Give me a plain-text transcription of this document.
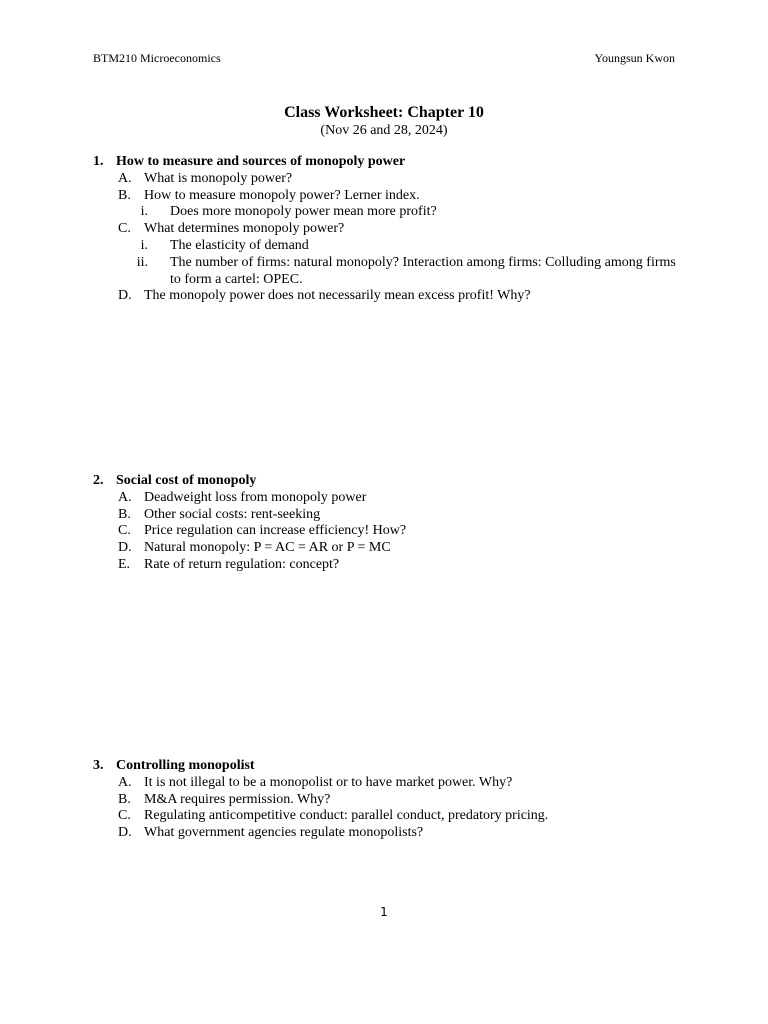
BTM210 Microeconomics	Youngsun Kwon
Class Worksheet: Chapter 10
(Nov 26 and 28, 2024)
1. How to measure and sources of monopoly power
A. What is monopoly power?
B. How to measure monopoly power? Lerner index.
i. Does more monopoly power mean more profit?
C. What determines monopoly power?
i. The elasticity of demand
ii. The number of firms: natural monopoly? Interaction among firms: Colluding among firms to form a cartel: OPEC.
D. The monopoly power does not necessarily mean excess profit! Why?
2. Social cost of monopoly
A. Deadweight loss from monopoly power
B. Other social costs: rent-seeking
C. Price regulation can increase efficiency! How?
D. Natural monopoly: P = AC = AR or P = MC
E. Rate of return regulation: concept?
3. Controlling monopolist
A. It is not illegal to be a monopolist or to have market power. Why?
B. M&A requires permission. Why?
C. Regulating anticompetitive conduct: parallel conduct, predatory pricing.
D. What government agencies regulate monopolists?
1
